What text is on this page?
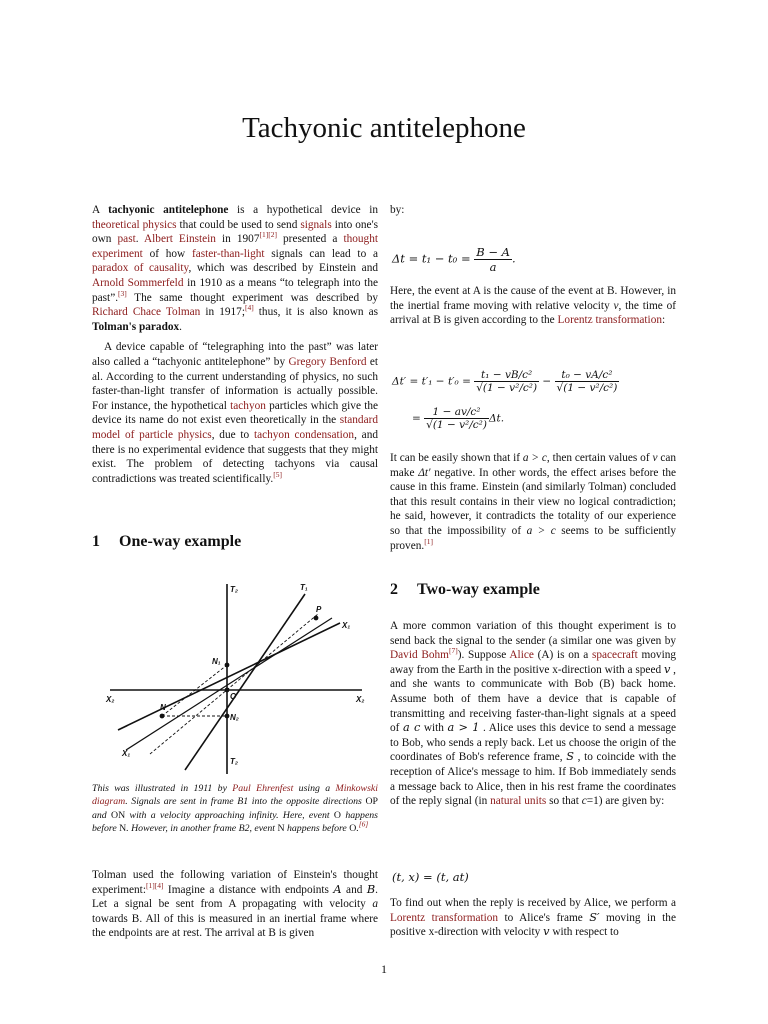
Tachyonic antitelephone

A tachyonic antitelephone is a hypothetical device in theoretical physics that could be used to send signals into one's own past. Albert Einstein in 1907[1][2] presented a thought experiment of how faster-than-light signals can lead to a paradox of causality, which was described by Einstein and Arnold Sommerfeld in 1910 as a means “to telegraph into the past”.[3] The same thought experiment was described by Richard Chace Tolman in 1917;[4] thus, it is also known as Tolman's paradox.

A device capable of “telegraphing into the past” was later also called a “tachyonic antitelephone” by Gregory Benford et al. According to the current understanding of physics, no such faster-than-light transfer of information is actually possible. For instance, the hypothetical tachyon particles which give the device its name do not exist even theoretically in the standard model of particle physics, due to tachyon condensation, and there is no experimental evidence that suggests that they might exist. The problem of detecting tachyons via causal contradictions was treated scientifically.[5]

1 One-way example
T₂	T₁
X₁
X₂
X₂
X₁
T₂
O
P
N
N₁
N₂
This was illustrated in 1911 by Paul Ehrenfest using a Minkowski diagram. Signals are sent in frame B1 into the opposite directions OP and ON with a velocity approaching infinity. Here, event O happens before N. However, in another frame B2, event N happens before O.[6]
Tolman used the following variation of Einstein's thought experiment:[1][4] Imagine a distance with endpoints A and B. Let a signal be sent from A propagating with velocity a towards B. All of this is measured in an inertial frame where the endpoints are at rest. The arrival at B is given
by:
$\Delta t = t_1 - t_0 = \frac{B - A}{a}$ .
Here, the event at A is the cause of the event at B. However, in the inertial frame moving with relative velocity v, the time of arrival at B is given according to the Lorentz transformation:
$\Delta t' = t'_1 - t'_0 = \frac{\text{t₁ − vB/c²}}{\text{√(1 − v²/c²)}} - \frac{\text{t₀ − vA/c²}}{\text{√(1 − v²/c²)}}$
= $\frac{\text{1 − av/c²}}{\text{√(1 − v²/c²)}} \Delta t$.
It can be easily shown that if a > c, then certain values of v can make Δt′ negative. In other words, the effect arises before the cause in this frame. Einstein (and similarly Tolman) concluded that this result contains in their view no logical contradiction; he said, however, it contradicts the totality of our experience so that the impossibility of a > c seems to be sufficiently proven.[1]
2 Two-way example
A more common variation of this thought experiment is to send back the signal to the sender (a similar one was given by David Bohm[7]). Suppose Alice (A) is on a spacecraft moving away from the Earth in the positive x-direction with a speed v , and she wants to communicate with Bob (B) back home. Assume both of them have a device that is capable of transmitting and receiving faster-than-light signals at a speed of a c with a > 1 . Alice uses this device to send a message to Bob, who sends a reply back. Let us choose the origin of the coordinates of Bob's reference frame, S , to coincide with the reception of Alice's message to him. If Bob immediately sends a message back to Alice, then in his rest frame the coordinates of the reply signal (in natural units so that c=1) are given by:
(t, x) = (t, at)
To find out when the reply is received by Alice, we perform a Lorentz transformation to Alice's frame S′ moving in the positive x-direction with velocity v with respect to
1
